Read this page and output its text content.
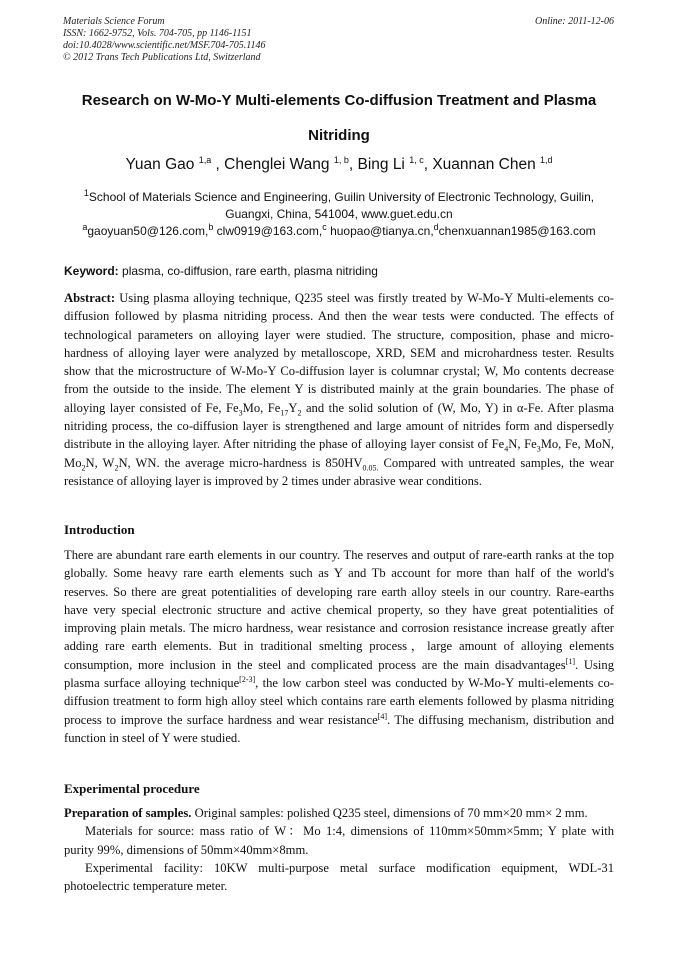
Materials Science Forum
ISSN: 1662-9752, Vols. 704-705, pp 1146-1151
doi:10.4028/www.scientific.net/MSF.704-705.1146
© 2012 Trans Tech Publications Ltd, Switzerland
Online: 2011-12-06
Research on W-Mo-Y Multi-elements Co-diffusion Treatment and Plasma
Nitriding
Yuan Gao $^{1,a}$ , Chenglei Wang $^{1, b}$, Bing Li $^{1, c}$, Xuannan Chen $^{1,d}$
$^1$School of Materials Science and Engineering, Guilin University of Electronic Technology, Guilin,
Guangxi, China, 541004, www.guet.edu.cn
$^a$gaoyuan50@126.com,$^b$ clw0919@163.com,$^c$ huopao@tianya.cn,$^d$chenxuannan1985@163.com
Keyword: plasma, co-diffusion, rare earth, plasma nitriding
Abstract: Using plasma alloying technique, Q235 steel was firstly treated by W-Mo-Y Multi-elements co-diffusion followed by plasma nitriding process. And then the wear tests were conducted. The effects of technological parameters on alloying layer were studied. The structure, composition, phase and micro-hardness of alloying layer were analyzed by metalloscope, XRD, SEM and microhardness tester. Results show that the microstructure of W-Mo-Y Co-diffusion layer is columnar crystal; W, Mo contents decrease from the outside to the inside. The element Y is distributed mainly at the grain boundaries. The phase of alloying layer consisted of Fe, $Fe_3Mo$, $Fe_{17}Y_2$ and the solid solution of (W, Mo, Y) in α-Fe. After plasma nitriding process, the co-diffusion layer is strengthened and large amount of nitrides form and dispersedly distribute in the alloying layer. After nitriding the phase of alloying layer consist of $Fe_4N$, $Fe_3Mo$, Fe, MoN, $Mo_2N$, $W_2N$, WN. the average micro-hardness is $850HV_{0.05.}$ Compared with untreated samples, the wear resistance of alloying layer is improved by 2 times under abrasive wear conditions.
Introduction
There are abundant rare earth elements in our country. The reserves and output of rare-earth ranks at the top globally. Some heavy rare earth elements such as Y and Tb account for more than half of the world's reserves. So there are great potentialities of developing rare earth alloy steels in our country. Rare-earths have very special electronic structure and active chemical property, so they have great potentialities of improving plain metals. The micro hardness, wear resistance and corrosion resistance increase greatly after adding rare earth elements. But in traditional smelting process，large amount of alloying elements consumption, more inclusion in the steel and complicated process are the main disadvantages[1]. Using plasma surface alloying technique[2-3], the low carbon steel was conducted by W-Mo-Y multi-elements co-diffusion treatment to form high alloy steel which contains rare earth elements followed by plasma nitriding process to improve the surface hardness and wear resistance[4]. The diffusing mechanism, distribution and function in steel of Y were studied.
Experimental procedure
Preparation of samples. Original samples: polished Q235 steel, dimensions of 70 mm×20 mm× 2 mm.
Materials for source: mass ratio of W：Mo 1:4, dimensions of 110mm×50mm×5mm; Y plate with purity 99%, dimensions of 50mm×40mm×8mm.
Experimental facility: 10KW multi-purpose metal surface modification equipment, WDL-31 photoelectric temperature meter.
